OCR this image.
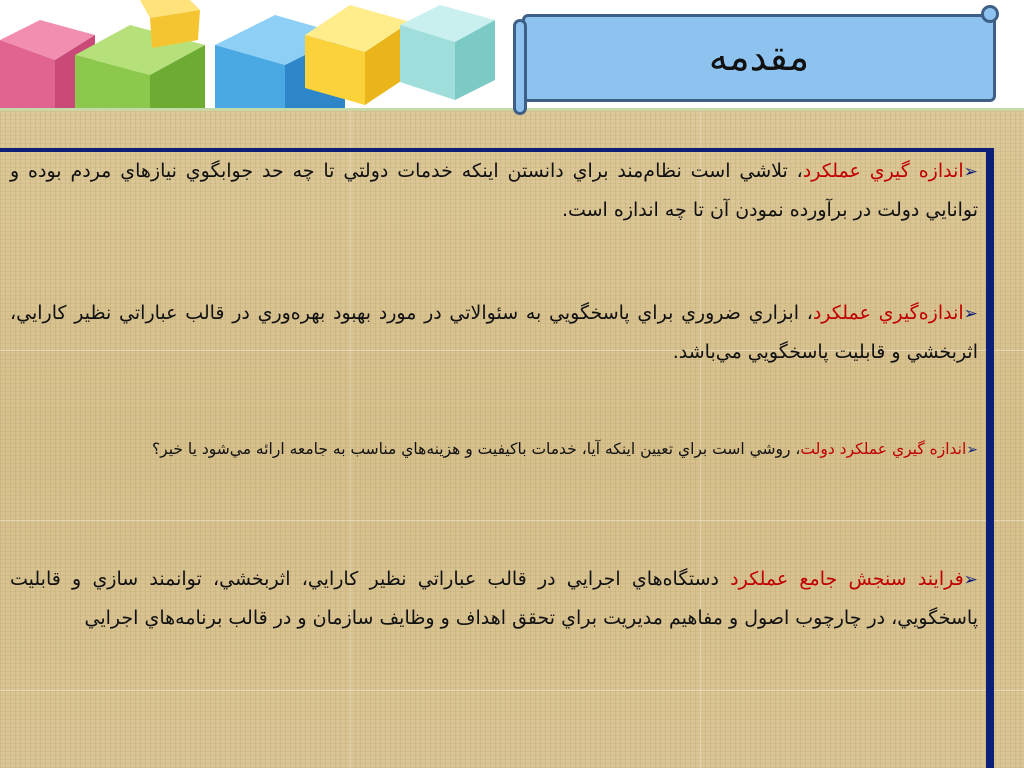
مقدمه

➢اندازه گيري عملكرد، تلاشي است نظام‌مند براي دانستن اينكه خدمات دولتي تا چه حد جوابگوي نيازهاي مردم بوده و توانايي دولت در برآورده نمودن آن تا چه اندازه است.

➢اندازه‌گيري عملكرد، ابزاري ضروري براي پاسخگويي به سئوالاتي در مورد بهبود بهره‌وري در قالب عباراتي نظير كارايي، اثربخشي و قابليت پاسخگويي مي‌باشد.

➢اندازه گيري عملكرد دولت، روشي است براي تعيين اينكه آيا، خدمات باكيفيت و هزينه‌هاي مناسب به جامعه ارائه مي‌شود يا خير؟

➢فرايند سنجش جامع عملكرد دستگاه‌هاي اجرايي در قالب عباراتي نظير كارايي، اثربخشي، توانمند سازي و قابليت پاسخگويي، در چارچوب اصول و مفاهيم مديريت براي تحقق اهداف و وظايف سازمان و در قالب برنامه‌هاي اجرايي
